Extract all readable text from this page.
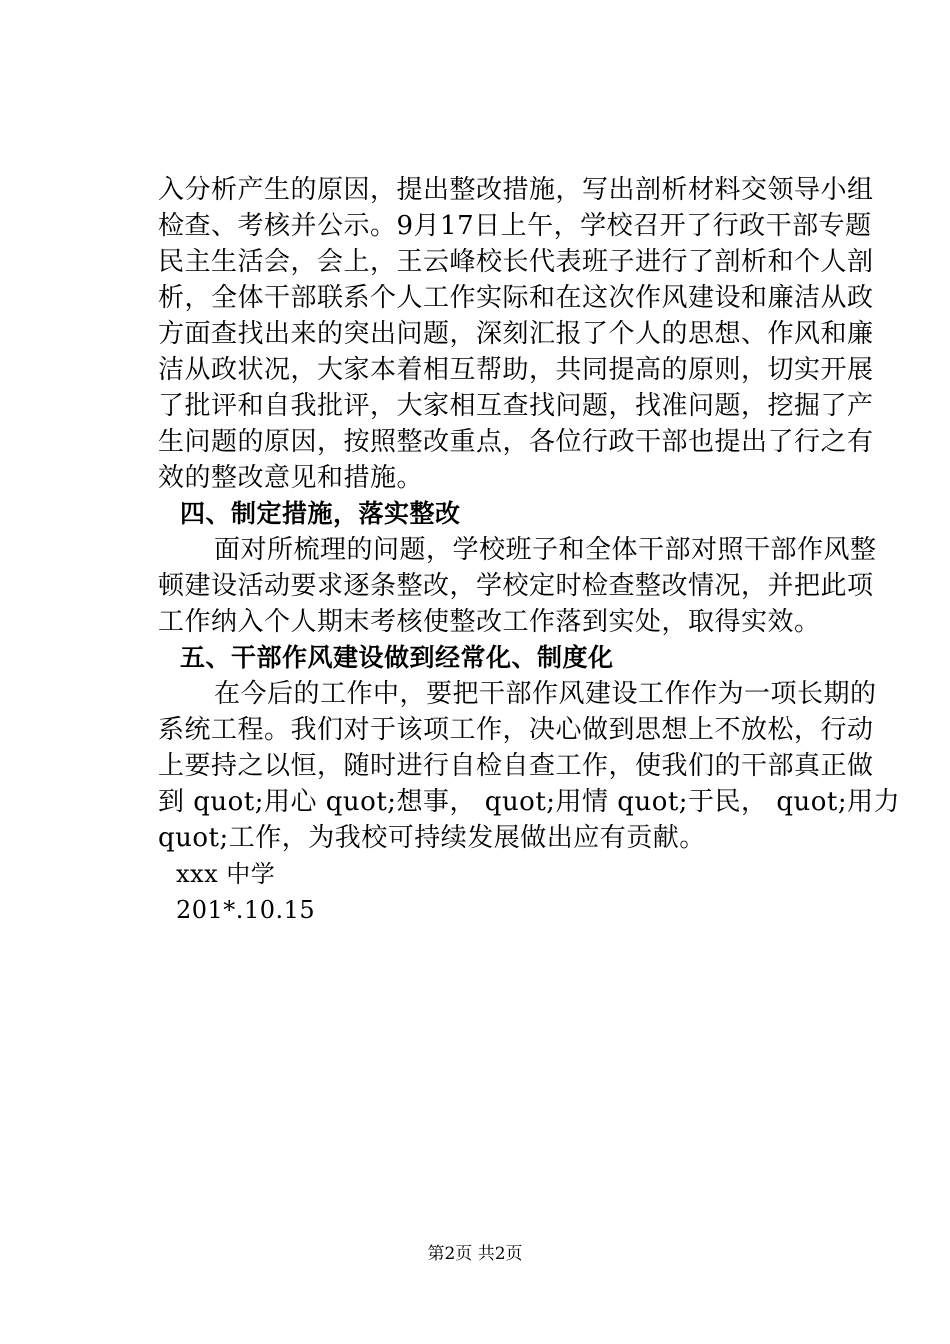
入分析产生的原因，提出整改措施，写出剖析材料交领导小组
检查、考核并公示。9月17日上午，学校召开了行政干部专题
民主生活会，会上，王云峰校长代表班子进行了剖析和个人剖
析，全体干部联系个人工作实际和在这次作风建设和廉洁从政
方面查找出来的突出问题，深刻汇报了个人的思想、作风和廉
洁从政状况，大家本着相互帮助，共同提高的原则，切实开展
了批评和自我批评，大家相互查找问题，找准问题，挖掘了产
生问题的原因，按照整改重点，各位行政干部也提出了行之有
效的整改意见和措施。
四、制定措施，落实整改
面对所梳理的问题，学校班子和全体干部对照干部作风整
顿建设活动要求逐条整改，学校定时检查整改情况，并把此项
工作纳入个人期末考核使整改工作落到实处，取得实效。
五、干部作风建设做到经常化、制度化
在今后的工作中，要把干部作风建设工作作为一项长期的
系统工程。我们对于该项工作，决心做到思想上不放松，行动
上要持之以恒，随时进行自检自查工作，使我们的干部真正做
到 quot;用心 quot;想事， quot;用情 quot;于民， quot;用力
quot;工作，为我校可持续发展做出应有贡献。
xxx 中学
201*.10.15
第2页 共2页
